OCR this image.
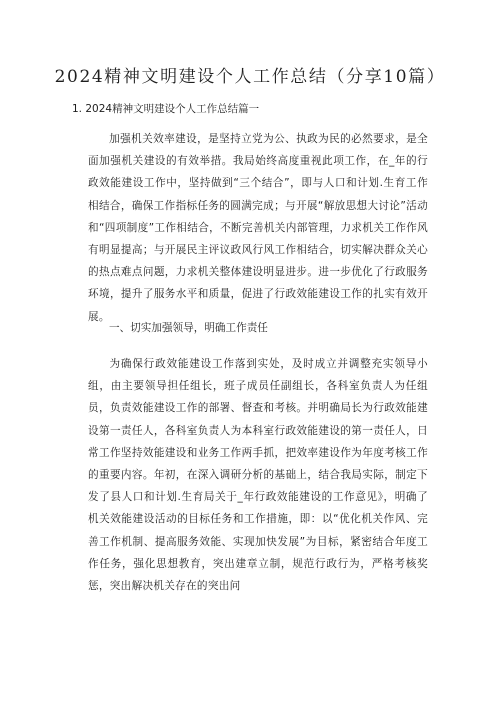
2024精神文明建设个人工作总结（分享10篇）
1. 2024精神文明建设个人工作总结篇一
加强机关效率建设，是坚持立党为公、执政为民的必然要求，是全面加强机关建设的有效举措。我局始终高度重视此项工作，在_年的行政效能建设工作中，坚持做到“三个结合”，即与人口和计划.生育工作相结合，确保工作指标任务的圆满完成；与开展“解放思想大讨论”活动和“四项制度”工作相结合，不断完善机关内部管理，力求机关工作作风有明显提高；与开展民主评议政风行风工作相结合，切实解决群众关心的热点难点问题，力求机关整体建设明显进步。进一步优化了行政服务环境，提升了服务水平和质量，促进了行政效能建设工作的扎实有效开展。
一、切实加强领导，明确工作责任
为确保行政效能建设工作落到实处，及时成立并调整充实领导小组，由主要领导担任组长，班子成员任副组长，各科室负责人为任组员，负责效能建设工作的部署、督查和考核。并明确局长为行政效能建设第一责任人，各科室负责人为本科室行政效能建设的第一责任人，日常工作坚持效能建设和业务工作两手抓，把效率建设作为年度考核工作的重要内容。年初，在深入调研分析的基础上，结合我局实际，制定下发了县人口和计划.生育局关于_年行政效能建设的工作意见》，明确了机关效能建设活动的目标任务和工作措施，即：以“优化机关作风、完善工作机制、提高服务效能、实现加快发展”为目标，紧密结合年度工作任务，强化思想教育，突出建章立制，规范行政行为，严格考核奖惩，突出解决机关存在的突出问
